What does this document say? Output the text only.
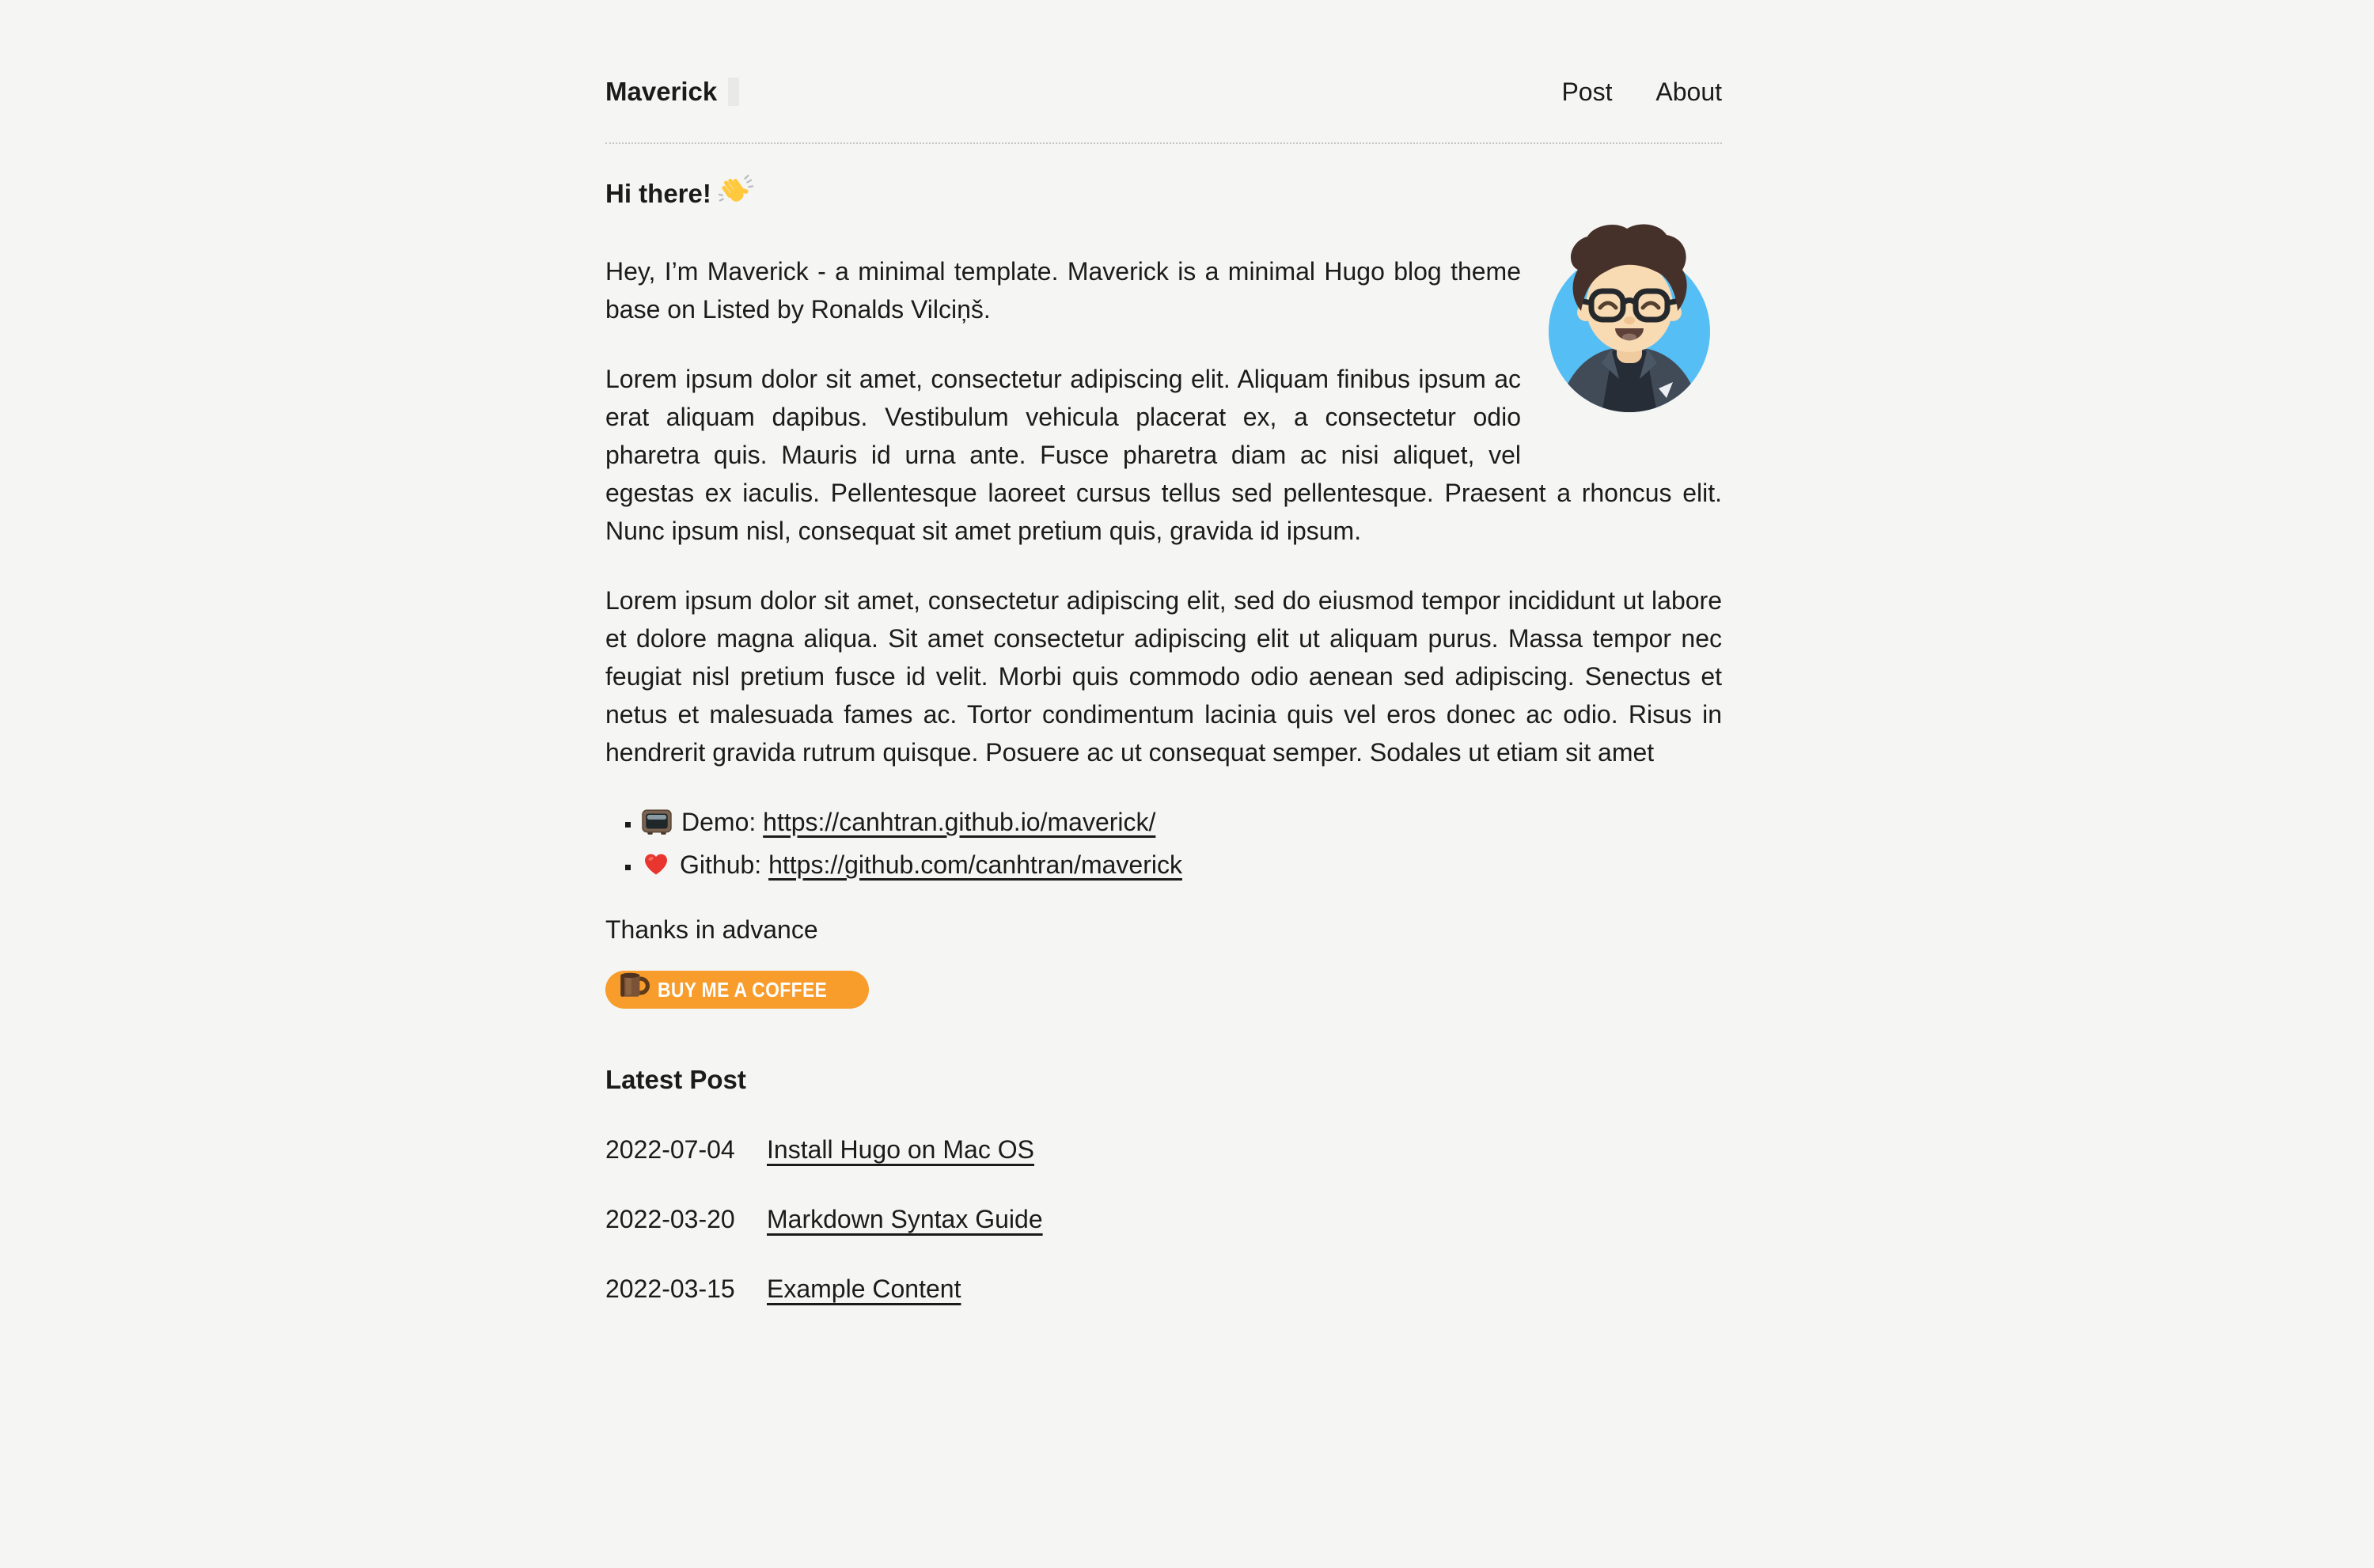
Maverick	Post About
Hi there!

Hey, I’m Maverick - a minimal template. Maverick is a minimal Hugo blog theme base on Listed by Ronalds Vilciņš.

Lorem ipsum dolor sit amet, consectetur adipiscing elit. Aliquam finibus ipsum ac erat aliquam dapibus. Vestibulum vehicula placerat ex, a consectetur odio pharetra quis. Mauris id urna ante. Fusce pharetra diam ac nisi aliquet, vel egestas ex iaculis. Pellentesque laoreet cursus tellus sed pellentesque. Praesent a rhoncus elit. Nunc ipsum nisl, consequat sit amet pretium quis, gravida id ipsum.

Lorem ipsum dolor sit amet, consectetur adipiscing elit, sed do eiusmod tempor incididunt ut labore et dolore magna aliqua. Sit amet consectetur adipiscing elit ut aliquam purus. Massa tempor nec feugiat nisl pretium fusce id velit. Morbi quis commodo odio aenean sed adipiscing. Senectus et netus et malesuada fames ac. Tortor condimentum lacinia quis vel eros donec ac odio. Risus in hendrerit gravida rutrum quisque. Posuere ac ut consequat semper. Sodales ut etiam sit amet

▪ Demo: https://canhtran.github.io/maverick/
▪ Github: https://github.com/canhtran/maverick

Thanks in advance

BUY ME A COFFEE
Latest Post
2022-07-04 Install Hugo on Mac OS
2022-03-20 Markdown Syntax Guide
2022-03-15 Example Content
